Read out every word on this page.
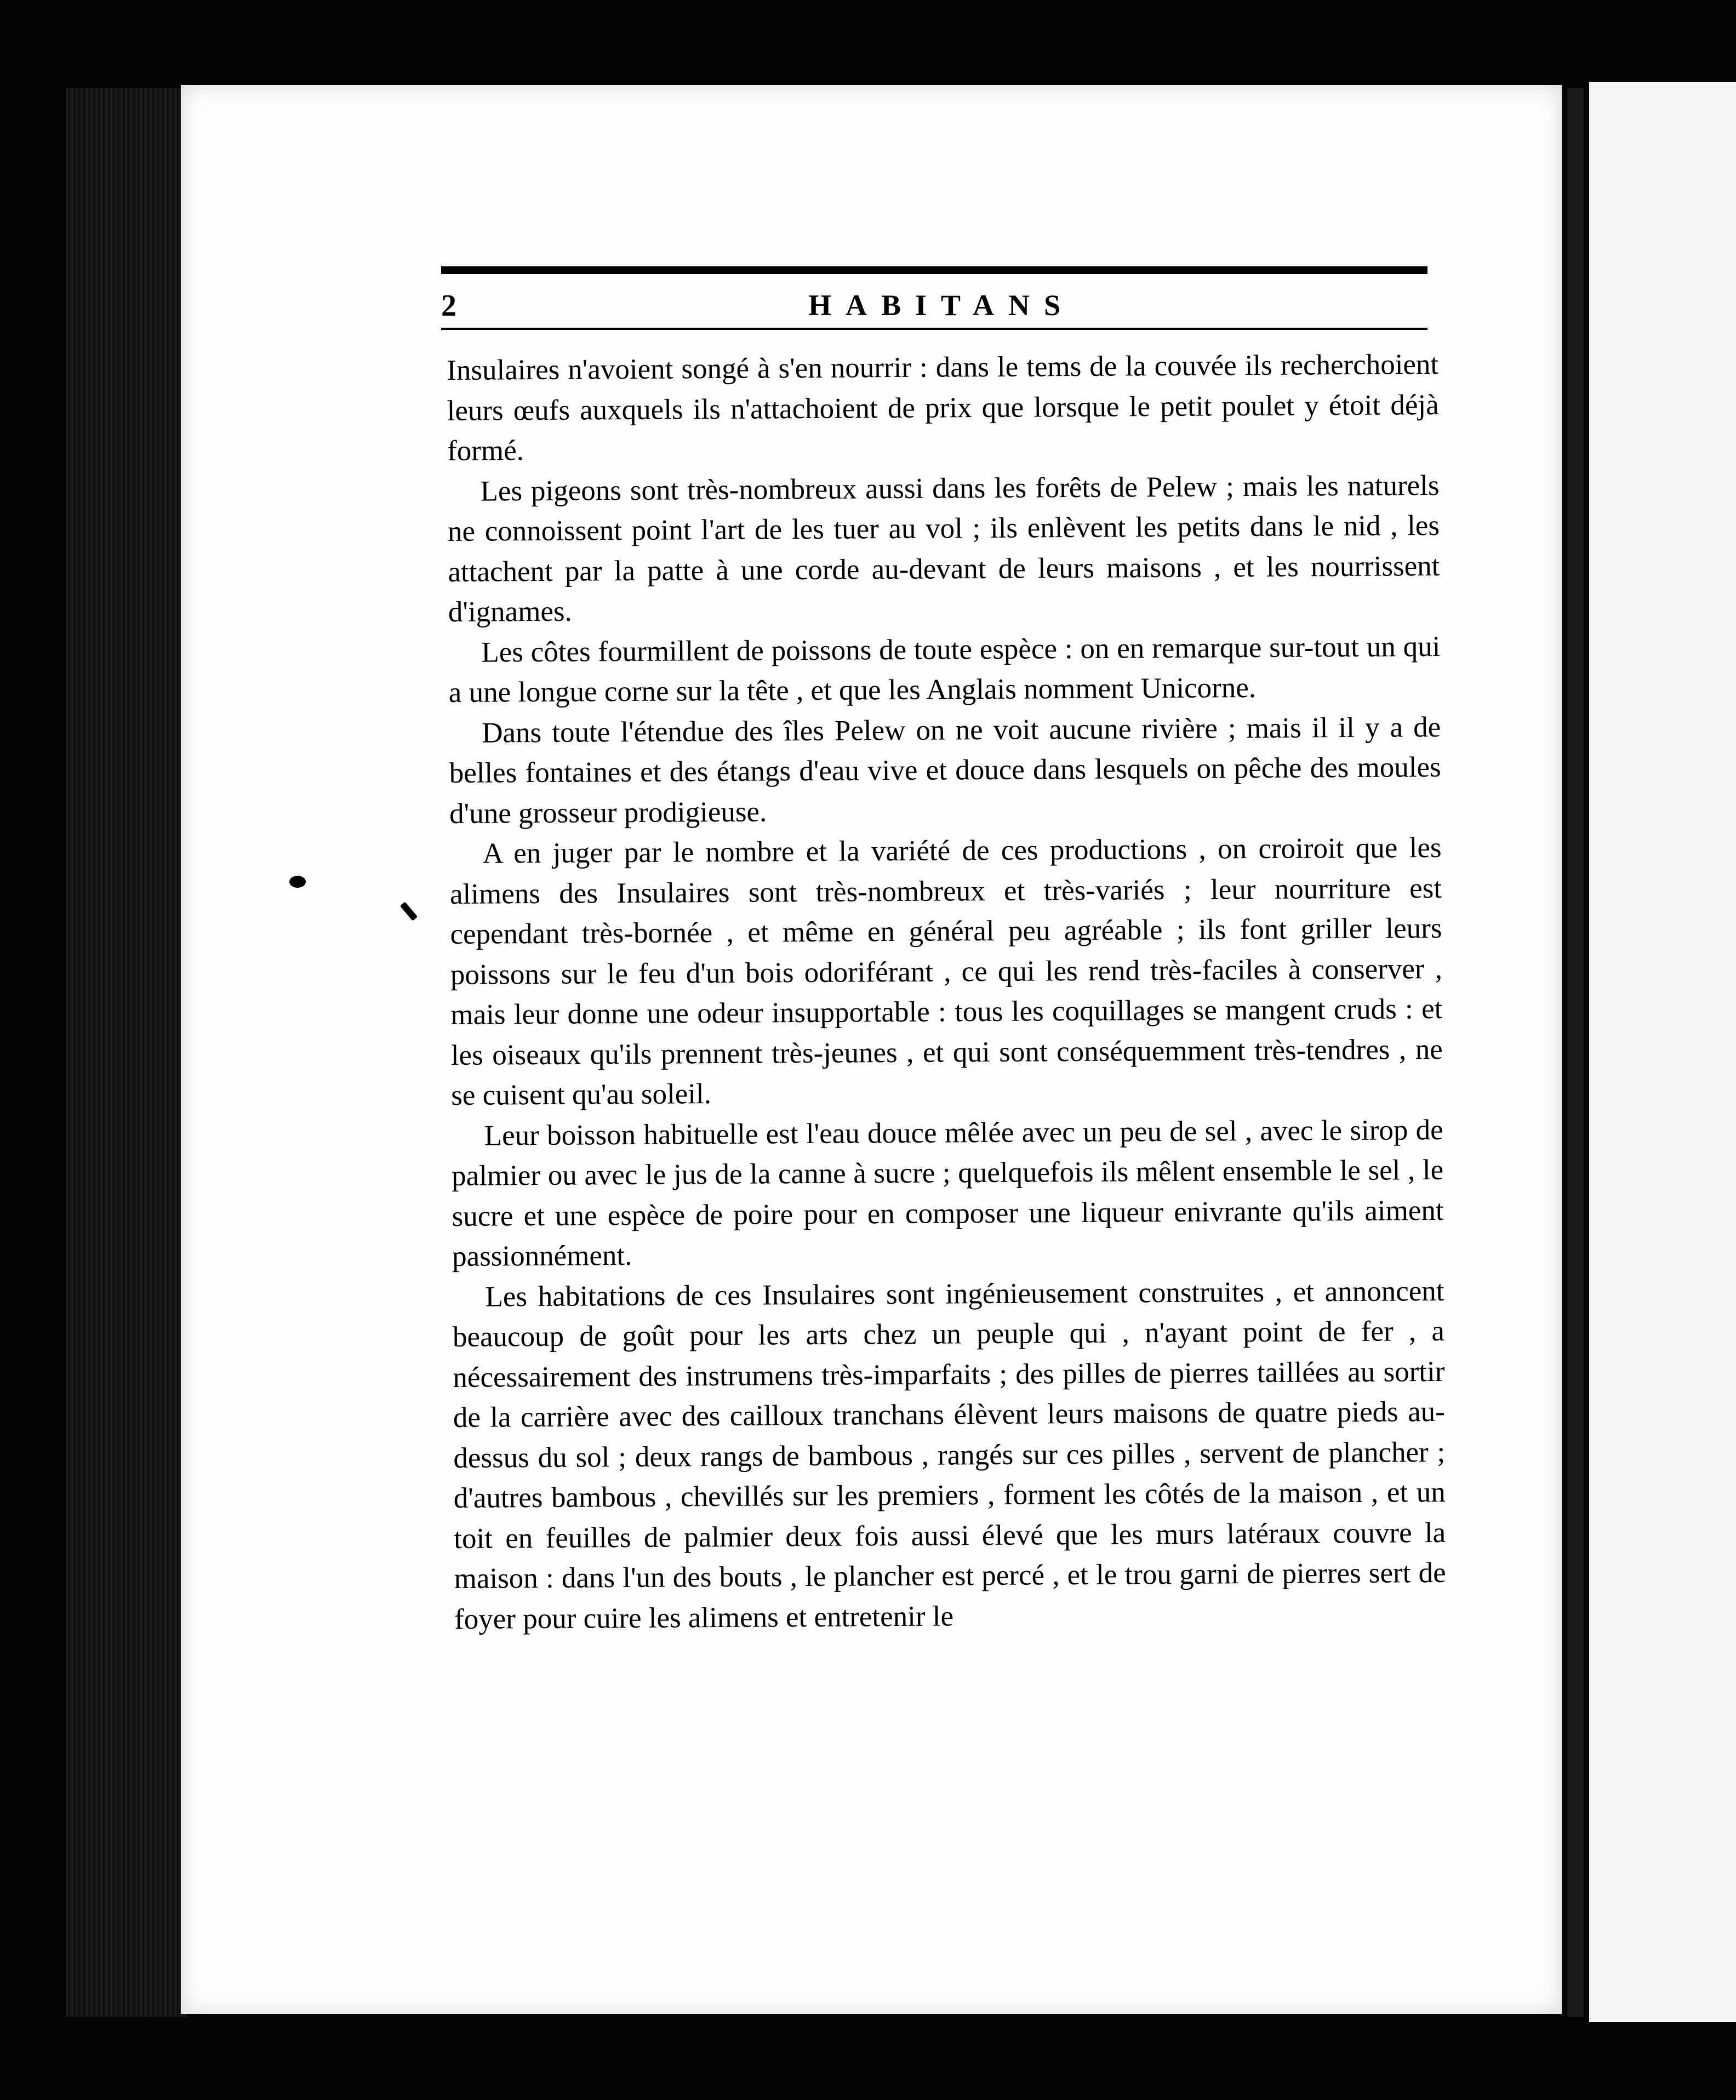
2	HABITANS

Insulaires n'avoient songé à s'en nourrir : dans le tems de la couvée ils recherchoient leurs œufs auxquels ils n'attachoient de prix que lorsque le petit poulet y étoit déjà formé.

Les pigeons sont très-nombreux aussi dans les forêts de Pelew ; mais les naturels ne connoissent point l'art de les tuer au vol ; ils enlèvent les petits dans le nid , les attachent par la patte à une corde au-devant de leurs maisons , et les nourrissent d'ignames.

Les côtes fourmillent de poissons de toute espèce : on en remarque sur-tout un qui a une longue corne sur la tête , et que les Anglais nomment Unicorne.

Dans toute l'étendue des îles Pelew on ne voit aucune rivière ; mais il il y a de belles fontaines et des étangs d'eau vive et douce dans lesquels on pêche des moules d'une grosseur prodigieuse.

A en juger par le nombre et la variété de ces productions , on croiroit que les alimens des Insulaires sont très-nombreux et très-variés ; leur nourriture est cependant très-bornée , et même en général peu agréable ; ils font griller leurs poissons sur le feu d'un bois odoriférant , ce qui les rend très-faciles à conserver , mais leur donne une odeur insupportable : tous les coquillages se mangent cruds : et les oiseaux qu'ils prennent très-jeunes , et qui sont conséquemment très-tendres , ne se cuisent qu'au soleil.

Leur boisson habituelle est l'eau douce mêlée avec un peu de sel , avec le sirop de palmier ou avec le jus de la canne à sucre ; quelquefois ils mêlent ensemble le sel , le sucre et une espèce de poire pour en composer une liqueur enivrante qu'ils aiment passionnément.

Les habitations de ces Insulaires sont ingénieusement construites , et annoncent beaucoup de goût pour les arts chez un peuple qui , n'ayant point de fer , a nécessairement des instrumens très-imparfaits ; des pilles de pierres taillées au sortir de la carrière avec des cailloux tranchans élèvent leurs maisons de quatre pieds au-dessus du sol ; deux rangs de bambous , rangés sur ces pilles , servent de plancher ; d'autres bambous , chevillés sur les premiers , forment les côtés de la maison , et un toit en feuilles de palmier deux fois aussi élevé que les murs latéraux couvre la maison : dans l'un des bouts , le plancher est percé , et le trou garni de pierres sert de foyer pour cuire les alimens et entretenir le
